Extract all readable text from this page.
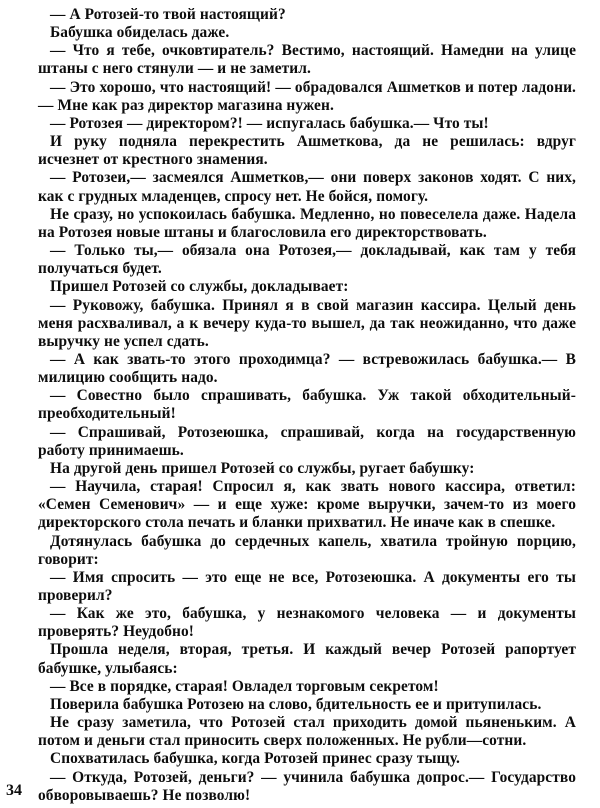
— А Ротозей-то твой настоящий?

Бабушка обиделась даже.

— Что я тебе, очковтиратель? Вестимо, настоящий. Намедни на улице штаны с него стянули — и не заметил.

— Это хорошо, что настоящий! — обрадовался Ашметков и потер ладони.— Мне как раз директор магазина нужен.

— Ротозея — директором?! — испугалась бабушка.— Что ты!

И руку подняла перекрестить Ашметкова, да не решилась: вдруг исчезнет от крестного знамения.

— Ротозеи,— засмеялся Ашметков,— они поверх законов ходят. С них, как с грудных младенцев, спросу нет. Не бойся, помогу.

Не сразу, но успокоилась бабушка. Медленно, но повеселела даже. Надела на Ротозея новые штаны и благословила его директорствовать.

— Только ты,— обязала она Ротозея,— докладывай, как там у тебя получаться будет.

Пришел Ротозей со службы, докладывает:

— Руковожу, бабушка. Принял я в свой магазин кассира. Целый день меня расхваливал, а к вечеру куда-то вышел, да так неожиданно, что даже выручку не успел сдать.

— А как звать-то этого проходимца? — встревожилась бабушка.— В милицию сообщить надо.

— Совестно было спрашивать, бабушка. Уж такой обходительный-преобходительный!

— Спрашивай, Ротозеюшка, спрашивай, когда на государственную работу принимаешь.

На другой день пришел Ротозей со службы, ругает бабушку:

— Научила, старая! Спросил я, как звать нового кассира, ответил: «Семен Семенович» — и еще хуже: кроме выручки, зачем-то из моего директорского стола печать и бланки прихватил. Не иначе как в спешке.

Дотянулась бабушка до сердечных капель, хватила тройную порцию, говорит:

— Имя спросить — это еще не все, Ротозеюшка. А документы его ты проверил?

— Как же это, бабушка, у незнакомого человека — и документы проверять? Неудобно!

Прошла неделя, вторая, третья. И каждый вечер Ротозей рапортует бабушке, улыбаясь:

— Все в порядке, старая! Овладел торговым секретом!

Поверила бабушка Ротозею на слово, бдительность ее и притупилась.

Не сразу заметила, что Ротозей стал приходить домой пьяненьким. А потом и деньги стал приносить сверх положенных. Не рубли—сотни.

Спохватилась бабушка, когда Ротозей принес сразу тыщу.

— Откуда, Ротозей, деньги? — учинила бабушка допрос.— Государство обворовываешь? Не позволю!

34
